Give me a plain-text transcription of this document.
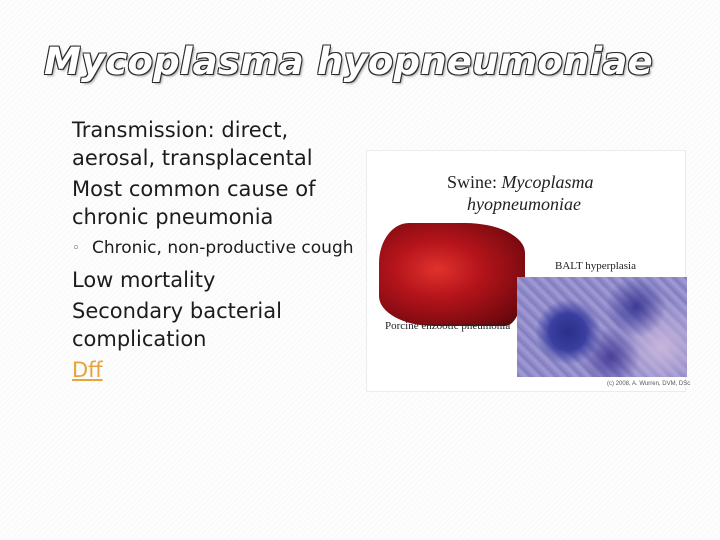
Mycoplasma hyopneumoniae
Transmission: direct, aerosal, transplacental
Most common cause of chronic pneumonia
◦ Chronic, non-productive cough
Low mortality
Secondary bacterial complication
Dff
Swine: Mycoplasma
hyopneumoniae
Porcine enzootic pneumonia
BALT hyperplasia
(c) 2008, A. Wurren, DVM, DSc
